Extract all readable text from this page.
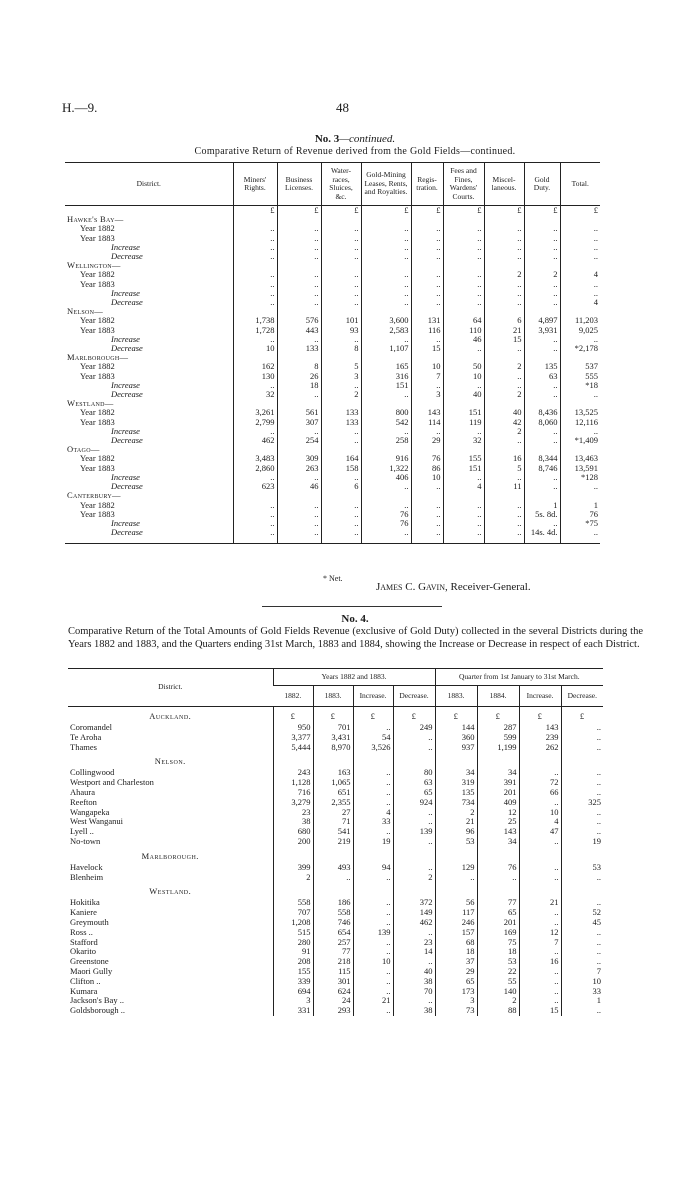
H.—9.	48
No. 3—continued.
Comparative Return of Revenue derived from the Gold Fields—continued.
District.	Miners' Rights.	Business Licenses.	Water-races, Sluices, &c.	Gold-Mining Leases, Rents, and Royalties.	Regis-tration.	Fees and Fines, Wardens' Courts.	Miscel-laneous.	Gold Duty.	Total.
	£	£	£	£	£	£	£	£	£
Hawke's Bay—									
Year 1882	..	..	..	..	..	..	..	..	..
Year 1883	..	..	..	..	..	..	..	..	..
Increase	..	..	..	..	..	..	..	..	..
Decrease	..	..	..	..	..	..	..	..	..
Wellington—									
Year 1882	..	..	..	..	..	..	2	2	4
Year 1883	..	..	..	..	..	..	..	..	..
Increase	..	..	..	..	..	..	..	..	..
Decrease	..	..	..	..	..	..	..	..	4
Nelson—									
Year 1882	1,738	576	101	3,600	131	64	6	4,897	11,203
Year 1883	1,728	443	93	2,583	116	110	21	3,931	9,025
Increase	..	..	..	..	..	46	15	..	..
Decrease	10	133	8	1,107	15	..	..	..	*2,178
Marlborough—									
Year 1882	162	8	5	165	10	50	2	135	537
Year 1883	130	26	3	316	7	10	..	63	555
Increase	..	18	..	151	..	..	..	..	*18
Decrease	32	..	2	..	3	40	2	..	..
Westland—									
Year 1882	3,261	561	133	800	143	151	40	8,436	13,525
Year 1883	2,799	307	133	542	114	119	42	8,060	12,116
Increase	..	..	..	..	..	..	2	..	..
Decrease	462	254	..	258	29	32	..	..	*1,409
Otago—									
Year 1882	3,483	309	164	916	76	155	16	8,344	13,463
Year 1883	2,860	263	158	1,322	86	151	5	8,746	13,591
Increase	..	..	..	406	10	..	..	..	*128
Decrease	623	46	6	..	..	4	11	..	..
Canterbury—									
Year 1882	..	..	..	..	..	..	..	1	1
Year 1883	..	..	..	76	..	..	..	5s. 8d.	76
Increase	..	..	..	76	..	..	..	..	*75
Decrease	..	..	..	..	..	..	..	14s. 4d.	..
* Net.
James C. Gavin, Receiver-General.
No. 4.
Comparative Return of the Total Amounts of Gold Fields Revenue (exclusive of Gold Duty) collected in the several Districts during the Years 1882 and 1883, and the Quarters ending 31st March, 1883 and 1884, showing the Increase or Decrease in respect of each District.
District.	Years 1882 and 1883.				Quarter from 1st January to 31st March.			
	1882.	1883.	Increase.	Decrease.	1883.	1884.	Increase.	Decrease.
Auckland.	£	£	£	£	£	£	£	£
Coromandel	950	701	..	249	144	287	143	..
Te Aroha	3,377	3,431	54	..	360	599	239	..
Thames	5,444	8,970	3,526	..	937	1,199	262	..
Nelson.								
Collingwood	243	163	..	80	34	34	..	..
Westport and Charleston	1,128	1,065	..	63	319	391	72	..
Ahaura	716	651	..	65	135	201	66	..
Reefton	3,279	2,355	..	924	734	409	..	325
Wangapeka	23	27	4	..	2	12	10	..
West Wanganui	38	71	33	..	21	25	4	..
Lyell ..	680	541	..	139	96	143	47	..
No-town	200	219	19	..	53	34	..	19
Marlborough.								
Havelock	399	493	94	..	129	76	..	53
Blenheim	2	..	..	2	..	..	..	..
Westland.								
Hokitika	558	186	..	372	56	77	21	..
Kaniere	707	558	..	149	117	65	..	52
Greymouth	1,208	746	..	462	246	201	..	45
Ross ..	515	654	139	..	157	169	12	..
Stafford	280	257	..	23	68	75	7	..
Okarito	91	77	..	14	18	18	..	..
Greenstone	208	218	10	..	37	53	16	..
Maori Gully	155	115	..	40	29	22	..	7
Clifton ..	339	301	..	38	65	55	..	10
Kumara	694	624	..	70	173	140	..	33
Jackson's Bay ..	3	24	21	..	3	2	..	1
Goldsborough ..	331	293	..	38	73	88	15	..
